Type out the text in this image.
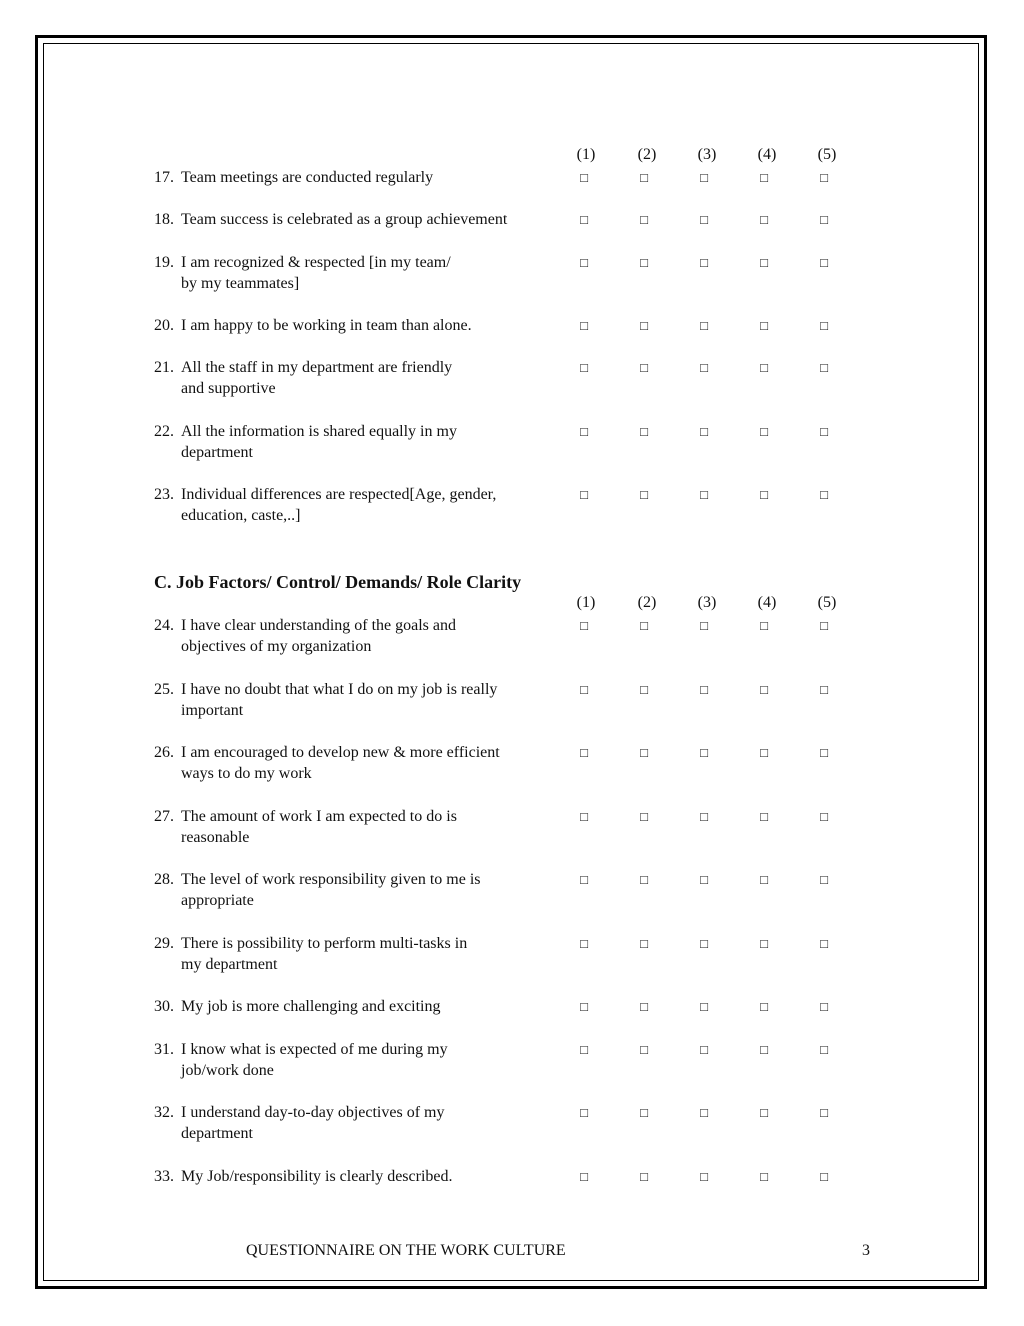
(1)	(2)	(3)	(4)	(5)
17. Team meetings are conducted regularly	□	□	□	□	□
18. Team success is celebrated as a group achievement	□	□	□	□	□
19. I am recognized & respected [in my team/
by my teammates]
□	□	□	□	□
20. I am happy to be working in team than alone.	□	□	□	□	□
21. All the staff in my department are friendly
and supportive
□	□	□	□	□
22. All the information is shared equally in my
department
□	□	□	□	□
23. Individual differences are respected[Age, gender,
education, caste,..]
□	□	□	□	□
C. Job Factors/ Control/ Demands/ Role Clarity
(1)	(2)	(3)	(4)	(5)
24. I have clear understanding of the goals and
objectives of my organization
□	□	□	□	□
25. I have no doubt that what I do on my job is really
important
□	□	□	□	□
26. I am encouraged to develop new & more efficient
ways to do my work
□	□	□	□	□
27. The amount of work I am expected to do is
reasonable
□	□	□	□	□
28. The level of work responsibility given to me is
appropriate
□	□	□	□	□
29. There is possibility to perform multi-tasks in
my department
□	□	□	□	□
30. My job is more challenging and exciting	□	□	□	□	□
31. I know what is expected of me during my
job/work done
□	□	□	□	□
32. I understand day-to-day objectives of my
department
□	□	□	□	□
33. My Job/responsibility is clearly described.	□	□	□	□	□
QUESTIONNAIRE ON THE WORK CULTURE	3
